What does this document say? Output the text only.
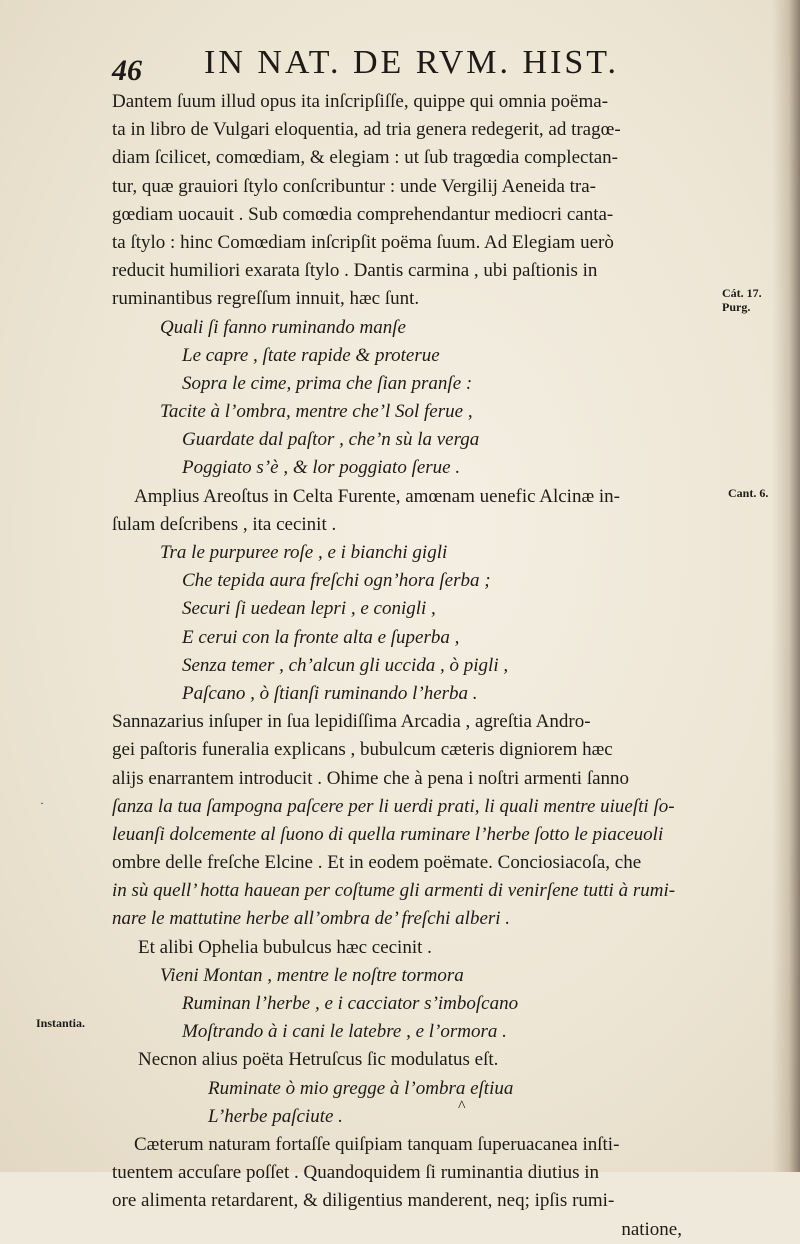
46 IN NAT. DE RVM. HIST.
Dantem ſuum illud opus ita inſcripſiſſe, quippe qui omnia poëma-
ta in libro de Vulgari eloquentia, ad tria genera redegerit, ad tragœ-
diam ſcilicet, comœdiam, & elegiam : ut ſub tragœdia complectan-
tur, quæ grauiori ſtylo conſcribuntur : unde Vergilij Aeneida tra-
gœdiam uocauit . Sub comœdia comprehendantur mediocri canta-
ta ſtylo : hinc Comœdiam inſcripſit poëma ſuum. Ad Elegiam uerò
reducit humiliori exarata ſtylo . Dantis carmina , ubi paſtionis in
ruminantibus regreſſum innuit, hæc ſunt.
Quali ſi fanno ruminando manſe
Le capre , ſtate rapide & proterue
Sopra le cime, prima che ſian pranſe :
Tacite à l’ombra, mentre che’l Sol ferue ,
Guardate dal paſtor , che’n sù la verga
Poggiato s’è , & lor poggiato ſerue .
Amplius Areoſtus in Celta Furente, amœnam uenefic Alcinæ in-
ſulam deſcribens , ita cecinit .
Tra le purpuree roſe , e i bianchi gigli
Che tepida aura freſchi ogn’hora ſerba ;
Securi ſi uedean lepri , e conigli ,
E cerui con la fronte alta e ſuperba ,
Senza temer , ch’alcun gli uccida , ò pigli ,
Paſcano , ò ſtianſi ruminando l’herba .
Sannazarius inſuper in ſua lepidiſſima Arcadia , agreſtia Andro-
gei paſtoris funeralia explicans , bubulcum cæteris digniorem hæc
alijs enarrantem introducit . Ohime che à pena i noſtri armenti ſanno
ſanza la tua ſampogna paſcere per li uerdi prati, li quali mentre uiueſti ſo-
leuanſi dolcemente al ſuono di quella ruminare l’herbe ſotto le piaceuoli
ombre delle freſche Elcine . Et in eodem poëmate. Conciosiacoſa, che
in sù quell’ hotta hauean per coſtume gli armenti di venirſene tutti à rumi-
nare le mattutine herbe all’ombra de’ freſchi alberi .
Et alibi Ophelia bubulcus hæc cecinit .
Vieni Montan , mentre le noſtre tormora
Ruminan l’herbe , e i cacciator s’imboſcano
Moſtrando à i cani le latebre , e l’ormora .
Necnon alius poëta Hetruſcus ſic modulatus eſt.
Ruminate ò mio gregge à l’ombra eſtiua
L’herbe paſciute .
Cæterum naturam fortaſſe quiſpiam tanquam ſuperuacanea inſti-
tuentem accuſare poſſet . Quandoquidem ſi ruminantia diutius in
ore alimenta retardarent, & diligentius manderent, neq; ipſis rumi-
natione,
Cát. 17.
Purg.
Cant. 6.
Instantia.
·
^
